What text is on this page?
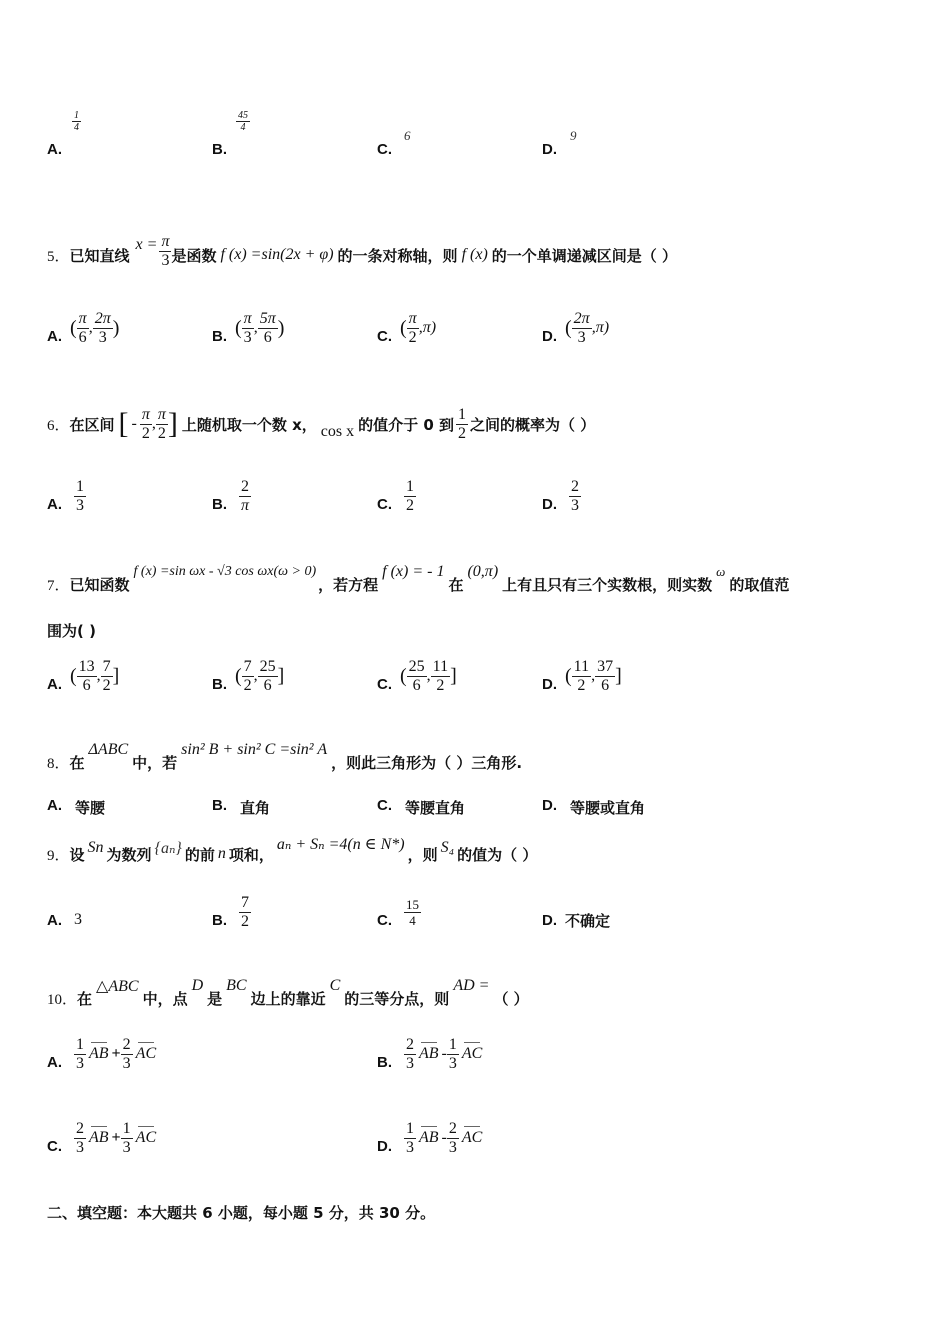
A.
$\frac{1}{4}$
B.
$\frac{45}{4}$
C.
6
D.
9
5． 已知直线
$x = \frac{\pi}{3}$ 是函数 f (x) =sin(2x + φ) 的一条对称轴，则 f (x) 的一个单调递减区间是（ ）
A. ( $\frac{\pi}{6}$ , $\frac{2\pi}{3}$ )	B. ( $\frac{\pi}{3}$ , $\frac{5\pi}{6}$ )	C. ( $\frac{\pi}{2} ,\pi$)	D. ( $\frac{2\pi}{3} ,\pi$)
6． 在区间 [ - $\frac{\pi}{2}$ , $\frac{\pi}{2}$ ] 上随机取一个数 x， cos x 的值介于 0 到 $\frac{1}{2}$ 之间的概率为（ ）
A. $\frac{1}{3}$	B. $\frac{2}{\pi}$	C. $\frac{1}{2}$	D. $\frac{2}{3}$
7． 已知函数
f (x) =sin ωx - √3 cos ωx(ω > 0)
，若方程
f (x) = - 1
在
(0,π)
上有且只有三个实数根，则实数
ω
的取值范
围为( )
A. ( $\frac{13}{6}$ , $\frac{7}{2}$ ]	B. ( $\frac{7}{2}$ , $\frac{25}{6}$ ]	C. ( $\frac{25}{6}$ , $\frac{11}{2}$ ]	D. ( $\frac{11}{2}$ , $\frac{37}{6}$ ]
8． 在
ΔABC
中，若
sin² B + sin² C =sin² A
，则此三角形为（ ）三角形.
A. 等腰	B. 直角	C. 等腰直角	D. 等腰或直角
9． 设 Sn 为数列 {aₙ} 的前 n 项和，
aₙ + Sₙ =4(n ∈ N*)
，则 S₄ 的值为（ ）
A. 3	B. $\frac{7}{2}$	C. $\frac{15}{4}$	D. 不确定
10． 在
△ABC
中，点
D
是
BC
边上的靠近
C
的三等分点，则
AD =
（ ）
A. $\frac{1}{3}$ AB + $\frac{2}{3}$ AC	B. $\frac{2}{3}$ AB - $\frac{1}{3}$ AC
C. $\frac{2}{3}$ AB + $\frac{1}{3}$ AC	D. $\frac{1}{3}$ AB - $\frac{2}{3}$ AC
二、填空题：本大题共 6 小题，每小题 5 分，共 30 分。
